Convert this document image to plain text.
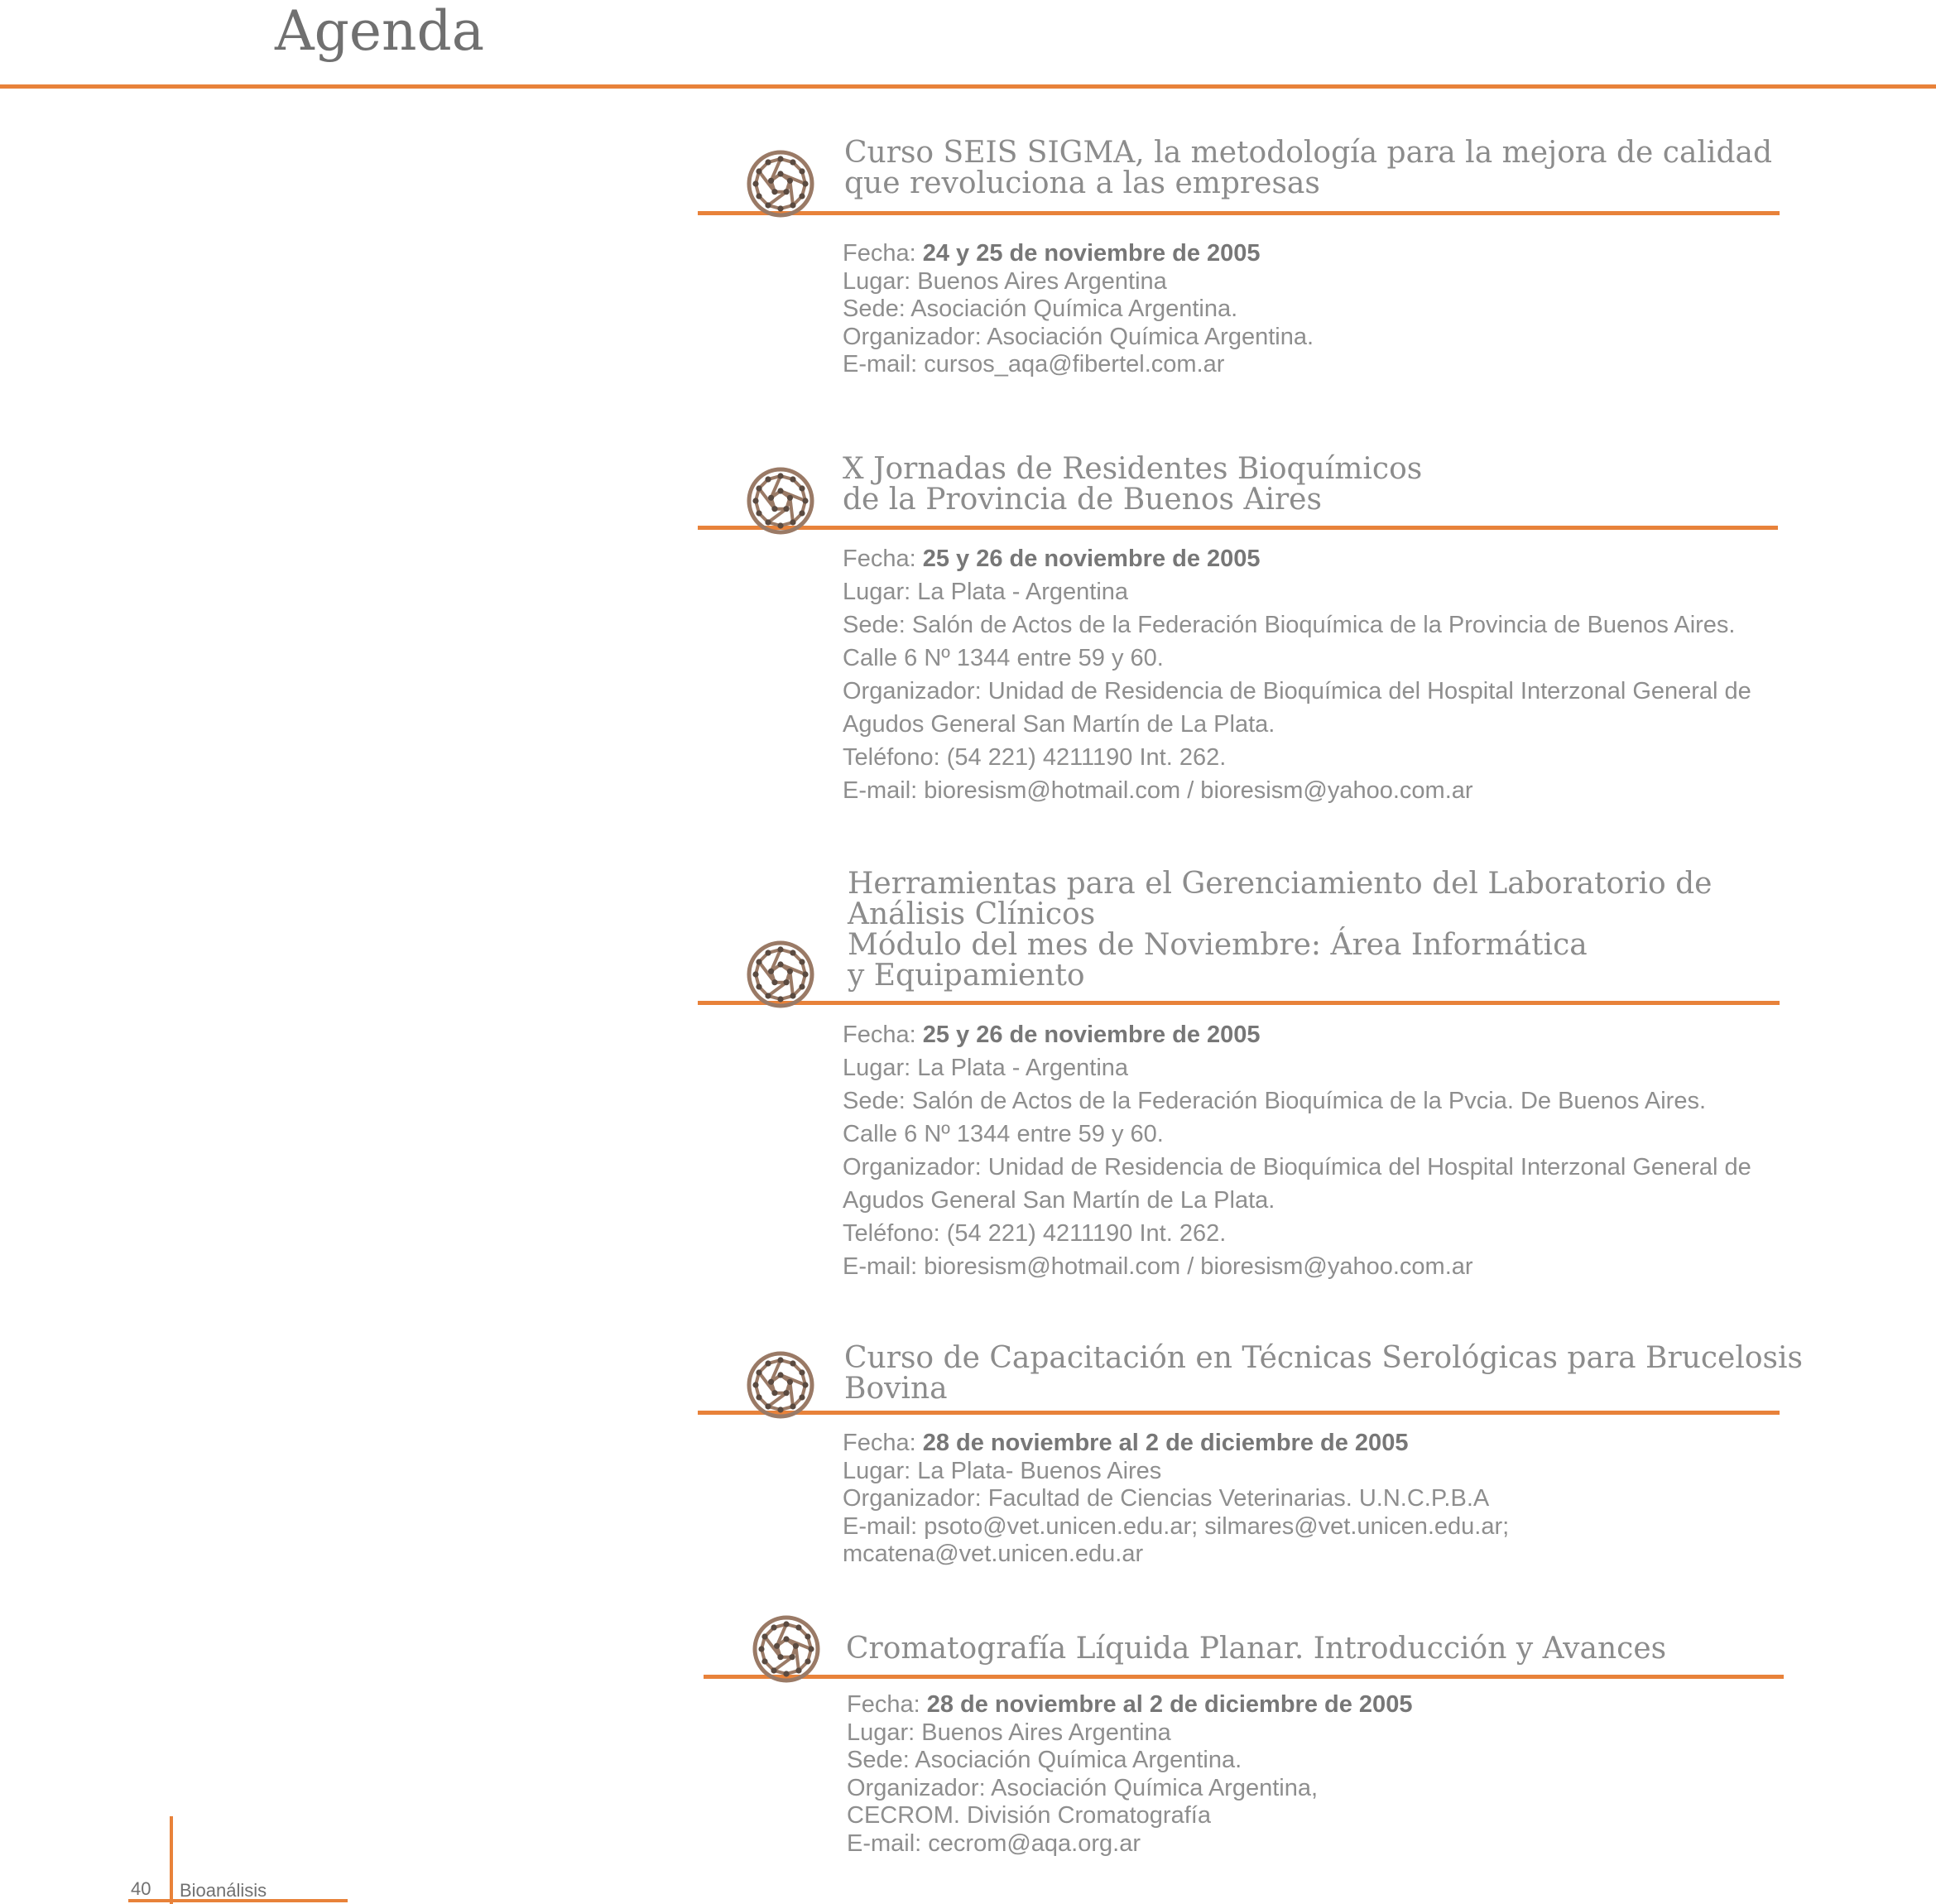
Agenda
Curso SEIS SIGMA, la metodología para la mejora de calidad
que revoluciona a las empresas
Fecha: 24 y 25 de noviembre de 2005
Lugar: Buenos Aires Argentina
Sede: Asociación Química Argentina.
Organizador: Asociación Química Argentina.
E-mail: cursos_aqa@fibertel.com.ar
X Jornadas de Residentes Bioquímicos
de la Provincia de Buenos Aires
Fecha: 25 y 26 de noviembre de 2005
Lugar: La Plata - Argentina
Sede: Salón de Actos de la Federación Bioquímica de la Provincia de Buenos Aires.
Calle 6 Nº 1344 entre 59 y 60.
Organizador: Unidad de Residencia de Bioquímica del Hospital Interzonal General de
Agudos General San Martín de La Plata.
Teléfono: (54 221) 4211190 Int. 262.
E-mail: bioresism@hotmail.com / bioresism@yahoo.com.ar
Herramientas para el Gerenciamiento del Laboratorio de
Análisis Clínicos
Módulo del mes de Noviembre: Área Informática
y Equipamiento
Fecha: 25 y 26 de noviembre de 2005
Lugar: La Plata - Argentina
Sede: Salón de Actos de la Federación Bioquímica de la Pvcia. De Buenos Aires.
Calle 6 Nº 1344 entre 59 y 60.
Organizador: Unidad de Residencia de Bioquímica del Hospital Interzonal General de
Agudos General San Martín de La Plata.
Teléfono: (54 221) 4211190 Int. 262.
E-mail: bioresism@hotmail.com / bioresism@yahoo.com.ar
Curso de Capacitación en Técnicas Serológicas para Brucelosis
Bovina
Fecha: 28 de noviembre al 2 de diciembre de 2005
Lugar: La Plata- Buenos Aires
Organizador: Facultad de Ciencias Veterinarias. U.N.C.P.B.A
E-mail: psoto@vet.unicen.edu.ar; silmares@vet.unicen.edu.ar;
mcatena@vet.unicen.edu.ar
Cromatografía Líquida Planar. Introducción y Avances
Fecha: 28 de noviembre al 2 de diciembre de 2005
Lugar: Buenos Aires Argentina
Sede: Asociación Química Argentina.
Organizador: Asociación Química Argentina,
CECROM. División Cromatografía
E-mail: cecrom@aqa.org.ar
40 Bioanálisis
